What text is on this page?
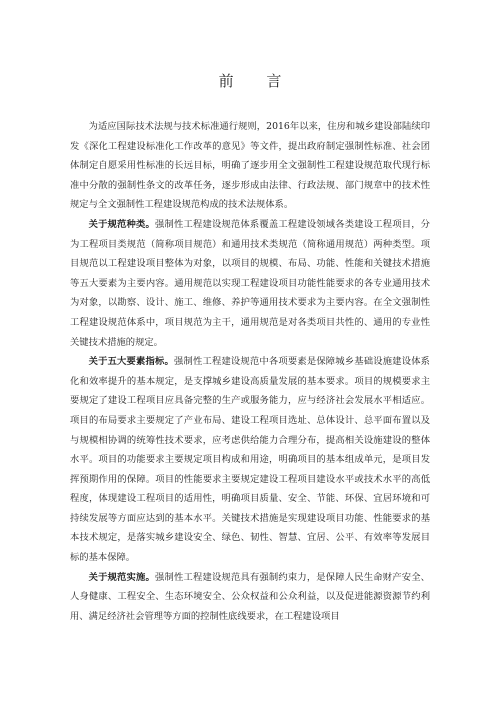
前 言

为适应国际技术法规与技术标准通行规则，2016年以来，住房和城乡建设部陆续印发《深化工程建设标准化工作改革的意见》等文件，提出政府制定强制性标准、社会团体制定自愿采用性标准的长远目标，明确了逐步用全文强制性工程建设规范取代现行标准中分散的强制性条文的改革任务，逐步形成由法律、行政法规、部门规章中的技术性规定与全文强制性工程建设规范构成的技术法规体系。

关于规范种类。强制性工程建设规范体系覆盖工程建设领域各类建设工程项目，分为工程项目类规范（简称项目规范）和通用技术类规范（简称通用规范）两种类型。项目规范以工程建设项目整体为对象，以项目的规模、布局、功能、性能和关键技术措施等五大要素为主要内容。通用规范以实现工程建设项目功能性能要求的各专业通用技术为对象，以勘察、设计、施工、维修、养护等通用技术要求为主要内容。在全文强制性工程建设规范体系中，项目规范为主干，通用规范是对各类项目共性的、通用的专业性关键技术措施的规定。

关于五大要素指标。强制性工程建设规范中各项要素是保障城乡基础设施建设体系化和效率提升的基本规定，是支撑城乡建设高质量发展的基本要求。项目的规模要求主要规定了建设工程项目应具备完整的生产或服务能力，应与经济社会发展水平相适应。项目的布局要求主要规定了产业布局、建设工程项目选址、总体设计、总平面布置以及与规模相协调的统筹性技术要求，应考虑供给能力合理分布，提高相关设施建设的整体水平。项目的功能要求主要规定项目构成和用途，明确项目的基本组成单元，是项目发挥预期作用的保障。项目的性能要求主要规定建设工程项目建设水平或技术水平的高低程度，体现建设工程项目的适用性，明确项目质量、安全、节能、环保、宜居环境和可持续发展等方面应达到的基本水平。关键技术措施是实现建设项目功能、性能要求的基本技术规定，是落实城乡建设安全、绿色、韧性、智慧、宜居、公平、有效率等发展目标的基本保障。

关于规范实施。强制性工程建设规范具有强制约束力，是保障人民生命财产安全、人身健康、工程安全、生态环境安全、公众权益和公众利益，以及促进能源资源节约利用、满足经济社会管理等方面的控制性底线要求，在工程建设项目
